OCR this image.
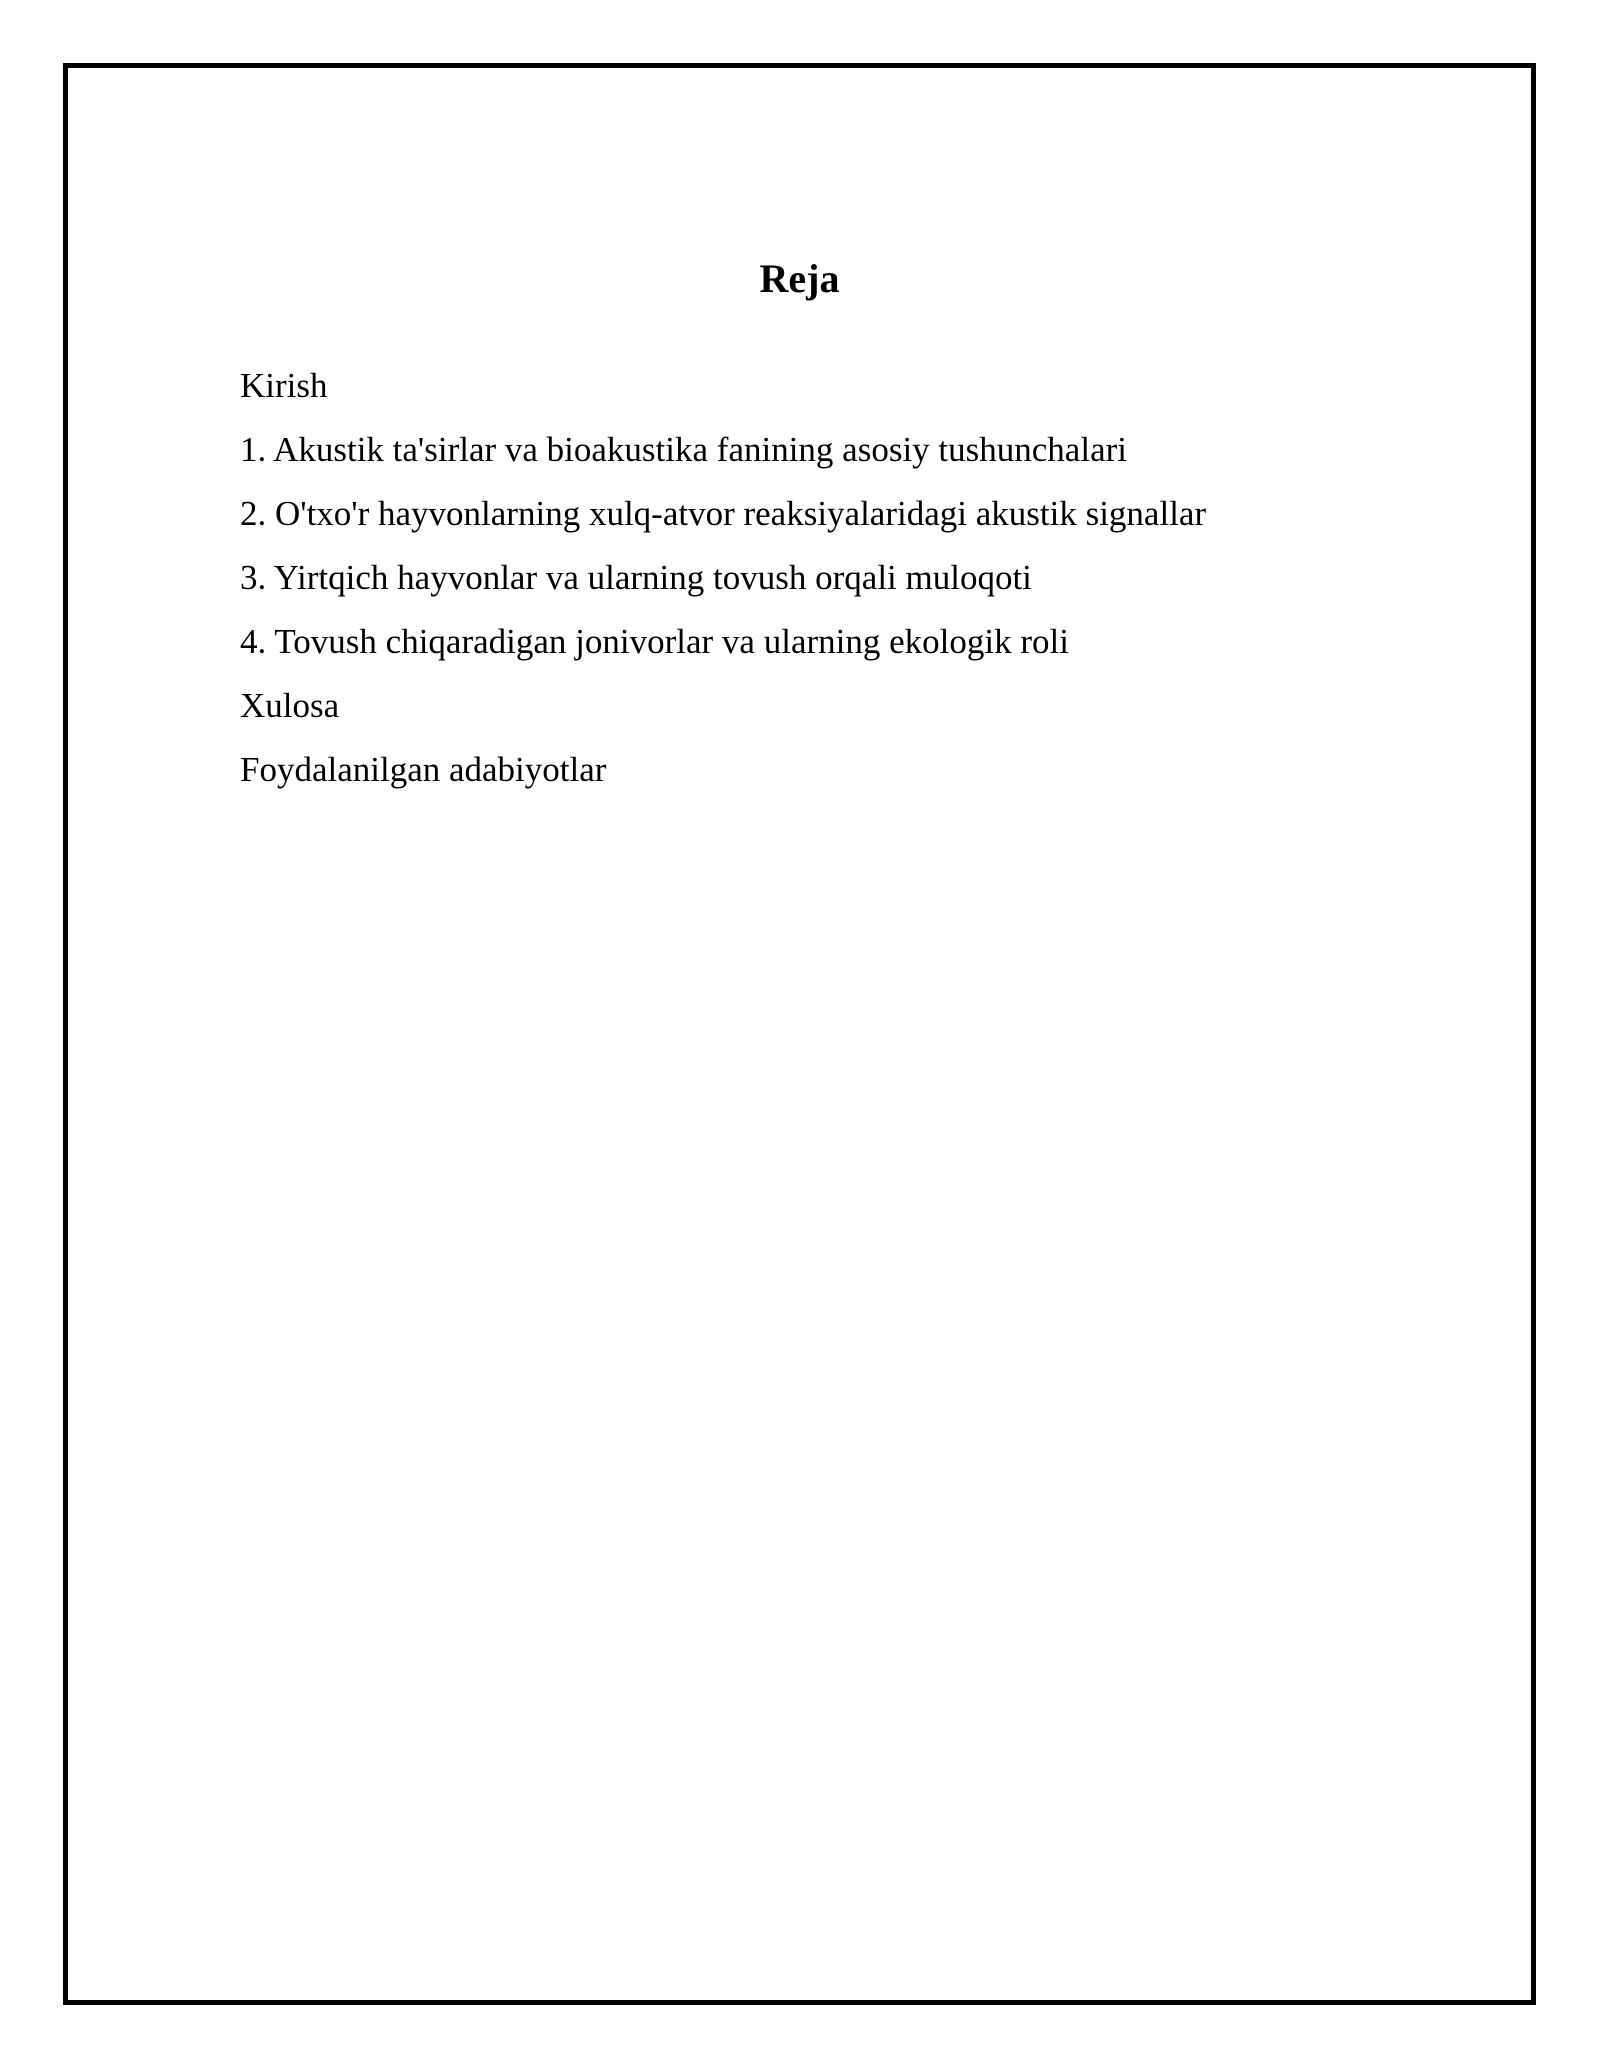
Reja
Kirish
1. Akustik ta'sirlar va bioakustika fanining asosiy tushunchalari
2. O'txo'r hayvonlarning xulq-atvor reaksiyalaridagi akustik signallar
3. Yirtqich hayvonlar va ularning tovush orqali muloqoti
4. Tovush chiqaradigan jonivorlar va ularning ekologik roli
Xulosa
Foydalanilgan adabiyotlar
